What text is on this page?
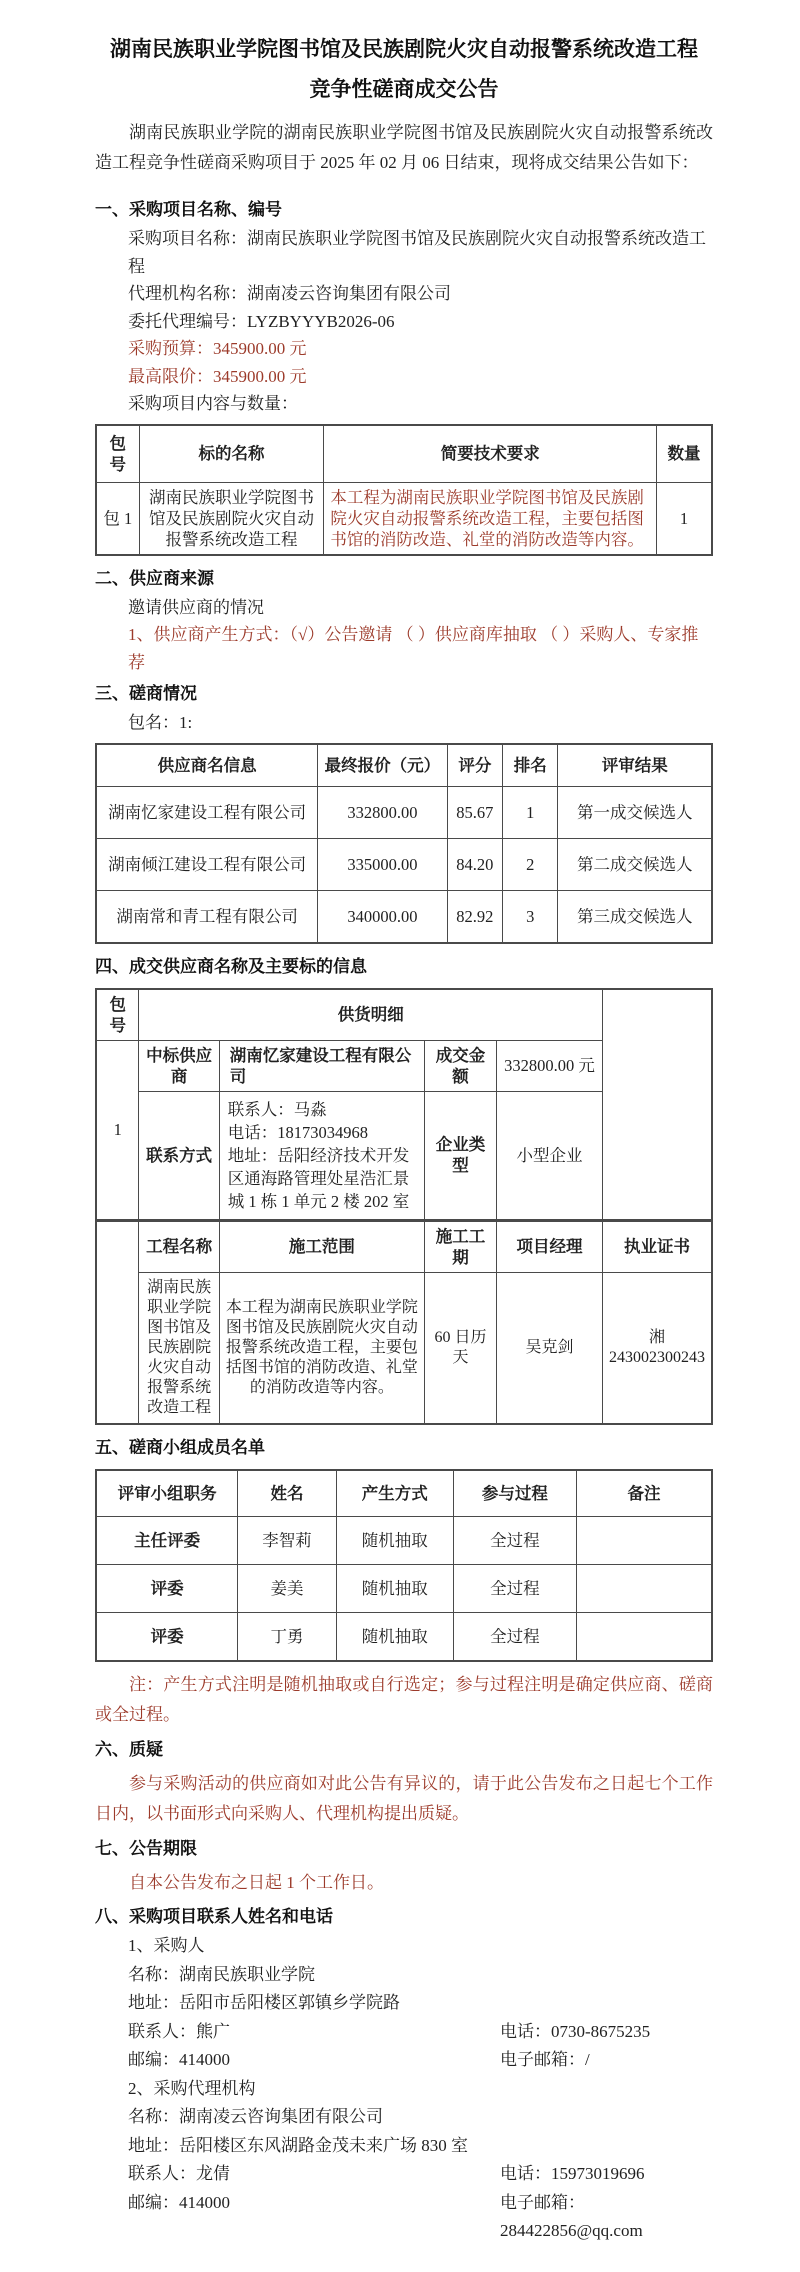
湖南民族职业学院图书馆及民族剧院火灾自动报警系统改造工程
竞争性磋商成交公告

湖南民族职业学院的湖南民族职业学院图书馆及民族剧院火灾自动报警系统改造工程竞争性磋商采购项目于 2025 年 02 月 06 日结束，现将成交结果公告如下：

一、采购项目名称、编号
采购项目名称：湖南民族职业学院图书馆及民族剧院火灾自动报警系统改造工程
代理机构名称：湖南凌云咨询集团有限公司
委托代理编号：LYZBYYYB2026-06
采购预算：345900.00 元
最高限价：345900.00 元
采购项目内容与数量：
包号	标的名称	简要技术要求	数量
包 1	湖南民族职业学院图书馆及民族剧院火灾自动报警系统改造工程	本工程为湖南民族职业学院图书馆及民族剧院火灾自动报警系统改造工程，主要包括图书馆的消防改造、礼堂的消防改造等内容。	1
二、供应商来源
邀请供应商的情况
1、供应商产生方式：（√）公告邀请 （ ）供应商库抽取 （ ）采购人、专家推荐
三、磋商情况
包名：1:
供应商名信息	最终报价（元）	评分	排名	评审结果
湖南忆家建设工程有限公司	332800.00	85.67	1	第一成交候选人
湖南倾江建设工程有限公司	335000.00	84.20	2	第二成交候选人
湖南常和青工程有限公司	340000.00	82.92	3	第三成交候选人
四、成交供应商名称及主要标的信息
包号	供货明细				
1	中标供应商	湖南忆家建设工程有限公司	成交金额	332800.00 元	
	联系方式	联系人：马淼
电话：18173034968
地址：岳阳经济技术开发区通海路管理处星浩汇景城 1 栋 1 单元 2 楼 202 室	企业类型	小型企业	
	工程名称	施工范围	施工工期	项目经理	执业证书
	湖南民族职业学院图书馆及民族剧院火灾自动报警系统改造工程	本工程为湖南民族职业学院图书馆及民族剧院火灾自动报警系统改造工程，主要包括图书馆的消防改造、礼堂的消防改造等内容。	60 日历天	吴克剑	湘
243002300243
五、磋商小组成员名单
评审小组职务	姓名	产生方式	参与过程	备注
主任评委	李智莉	随机抽取	全过程	
评委	姜美	随机抽取	全过程	
评委	丁勇	随机抽取	全过程	

注：产生方式注明是随机抽取或自行选定；参与过程注明是确定供应商、磋商或全过程。

六、质疑

参与采购活动的供应商如对此公告有异议的，请于此公告发布之日起七个工作日内，以书面形式向采购人、代理机构提出质疑。

七、公告期限

自本公告发布之日起 1 个工作日。

八、采购项目联系人姓名和电话
1、采购人
名称：湖南民族职业学院
地址：岳阳市岳阳楼区郭镇乡学院路
联系人：熊广	电话：0730-8675235
邮编：414000	电子邮箱：/
2、采购代理机构
名称：湖南凌云咨询集团有限公司
地址：岳阳楼区东风湖路金茂未来广场 830 室
联系人：龙倩	电话：15973019696
邮编：414000	电子邮箱：284422856@qq.com
